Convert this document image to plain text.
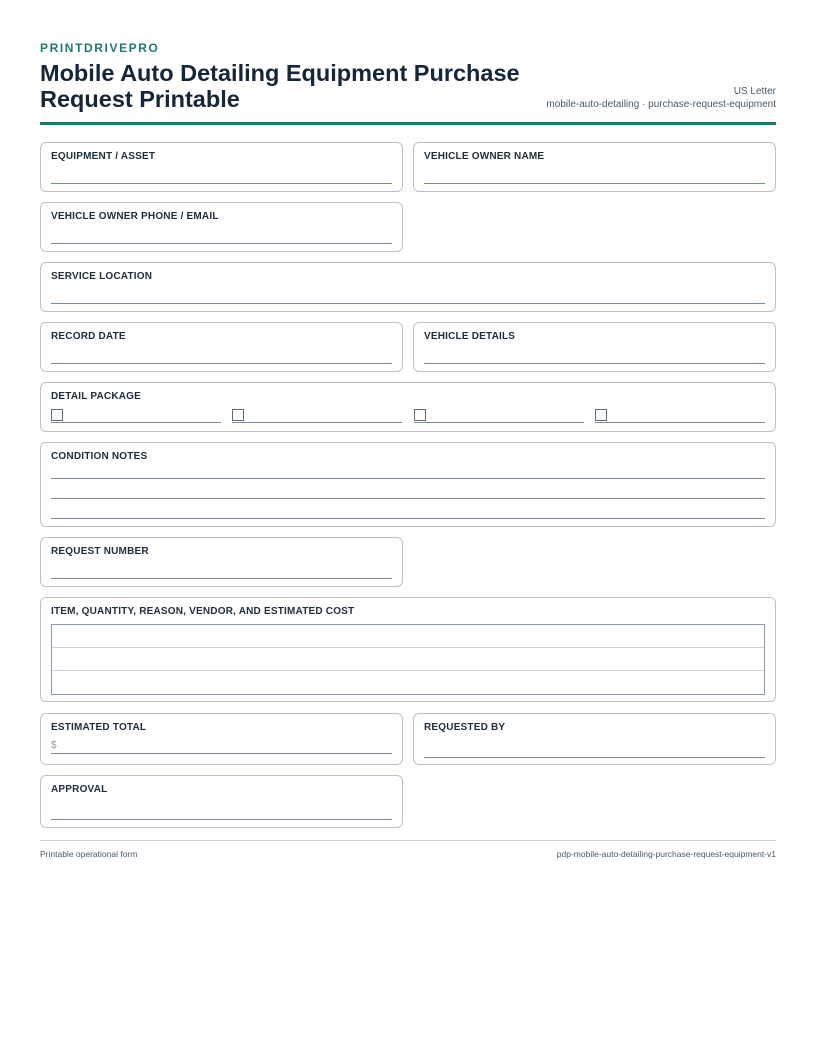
PRINTDRIVEPRO
Mobile Auto Detailing Equipment Purchase Request Printable	US Letter
mobile-auto-detailing · purchase-request-equipment
EQUIPMENT / ASSET	VEHICLE OWNER NAME
VEHICLE OWNER PHONE / EMAIL
SERVICE LOCATION
RECORD DATE	VEHICLE DETAILS
DETAIL PACKAGE
CONDITION NOTES
REQUEST NUMBER
ITEM, QUANTITY, REASON, VENDOR, AND ESTIMATED COST
ESTIMATED TOTAL
$
REQUESTED BY
APPROVAL
Printable operational form	pdp-mobile-auto-detailing-purchase-request-equipment-v1
